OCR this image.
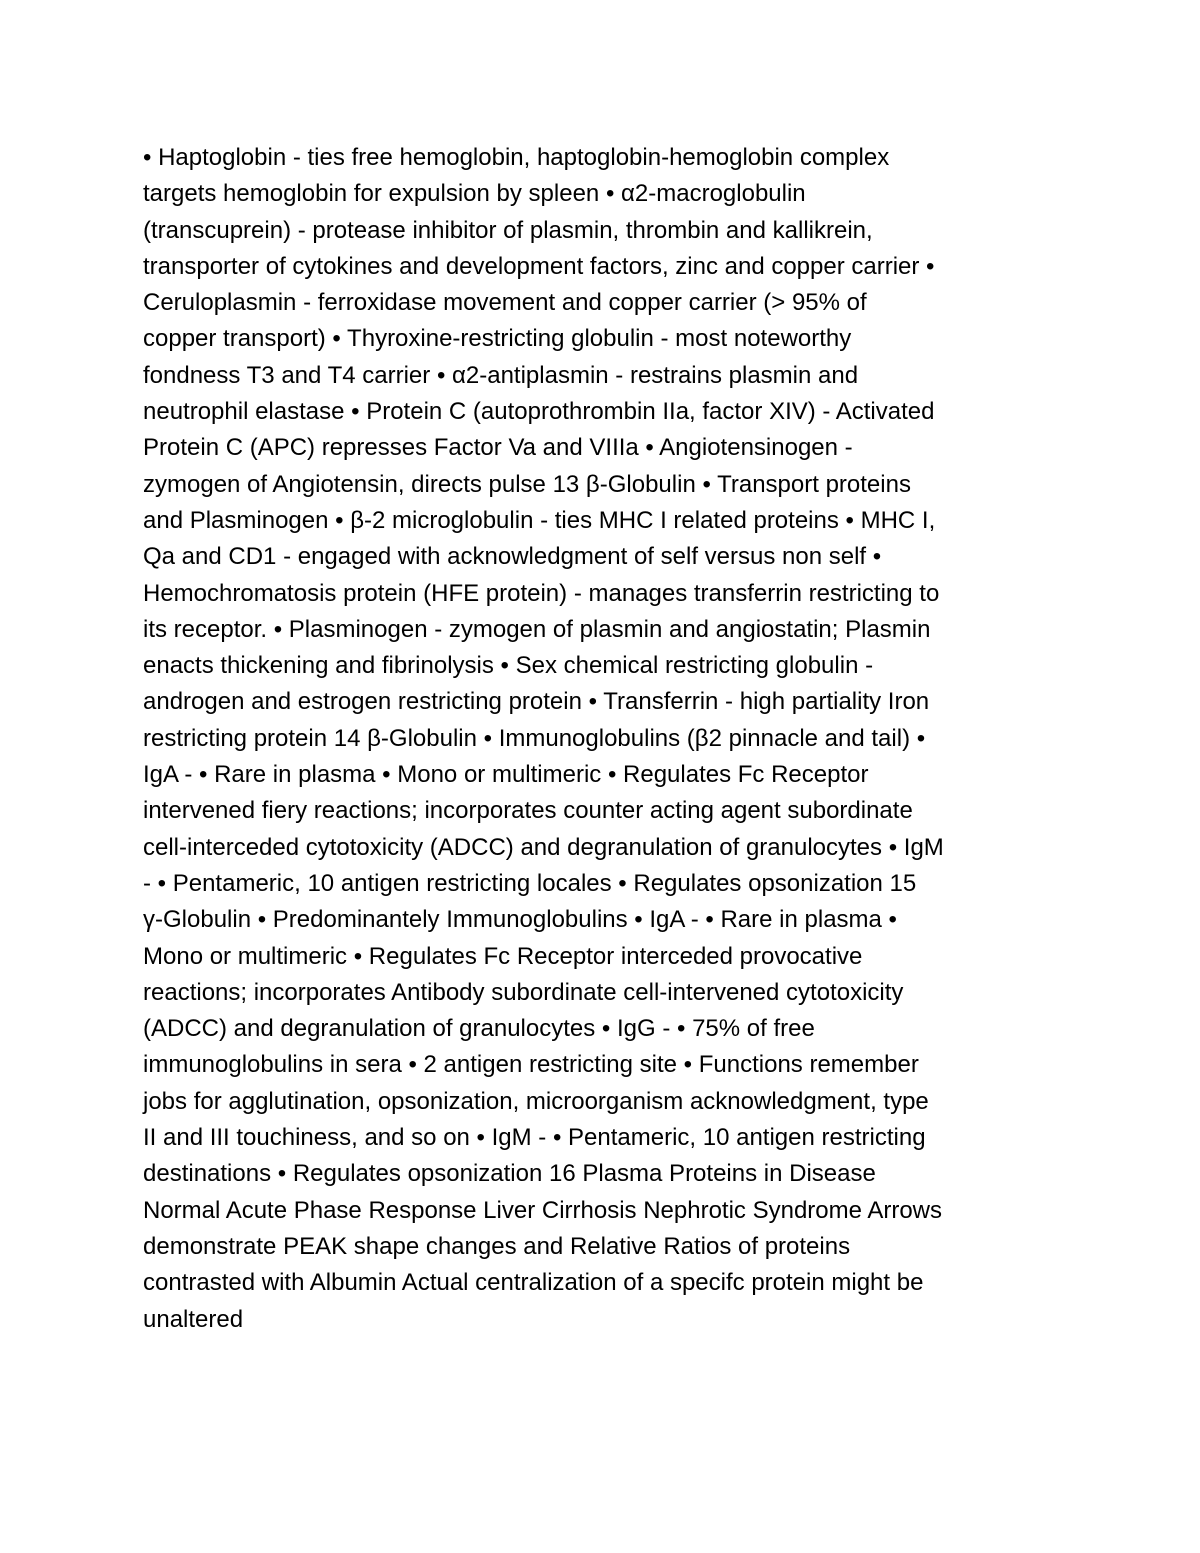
• Haptoglobin - ties free hemoglobin, haptoglobin-hemoglobin complex
targets hemoglobin for expulsion by spleen • α2-macroglobulin
(transcuprein) - protease inhibitor of plasmin, thrombin and kallikrein,
transporter of cytokines and development factors, zinc and copper carrier •
Ceruloplasmin - ferroxidase movement and copper carrier (> 95% of
copper transport) • Thyroxine-restricting globulin - most noteworthy
fondness T3 and T4 carrier • α2-antiplasmin - restrains plasmin and
neutrophil elastase • Protein C (autoprothrombin IIa, factor XIV) - Activated
Protein C (APC) represses Factor Va and VIIIa • Angiotensinogen -
zymogen of Angiotensin, directs pulse 13 β-Globulin • Transport proteins
and Plasminogen • β-2 microglobulin - ties MHC I related proteins • MHC I,
Qa and CD1 - engaged with acknowledgment of self versus non self •
Hemochromatosis protein (HFE protein) - manages transferrin restricting to
its receptor. • Plasminogen - zymogen of plasmin and angiostatin; Plasmin
enacts thickening and fibrinolysis • Sex chemical restricting globulin -
androgen and estrogen restricting protein • Transferrin - high partiality Iron
restricting protein 14 β-Globulin • Immunoglobulins (β2 pinnacle and tail) •
IgA - • Rare in plasma • Mono or multimeric • Regulates Fc Receptor
intervened fiery reactions; incorporates counter acting agent subordinate
cell-interceded cytotoxicity (ADCC) and degranulation of granulocytes • IgM
- • Pentameric, 10 antigen restricting locales • Regulates opsonization 15
γ-Globulin • Predominantely Immunoglobulins • IgA - • Rare in plasma •
Mono or multimeric • Regulates Fc Receptor interceded provocative
reactions; incorporates Antibody subordinate cell-intervened cytotoxicity
(ADCC) and degranulation of granulocytes • IgG - • 75% of free
immunoglobulins in sera • 2 antigen restricting site • Functions remember
jobs for agglutination, opsonization, microorganism acknowledgment, type
II and III touchiness, and so on • IgM - • Pentameric, 10 antigen restricting
destinations • Regulates opsonization 16 Plasma Proteins in Disease
Normal Acute Phase Response Liver Cirrhosis Nephrotic Syndrome Arrows
demonstrate PEAK shape changes and Relative Ratios of proteins
contrasted with Albumin Actual centralization of a specifc protein might be
unaltered
